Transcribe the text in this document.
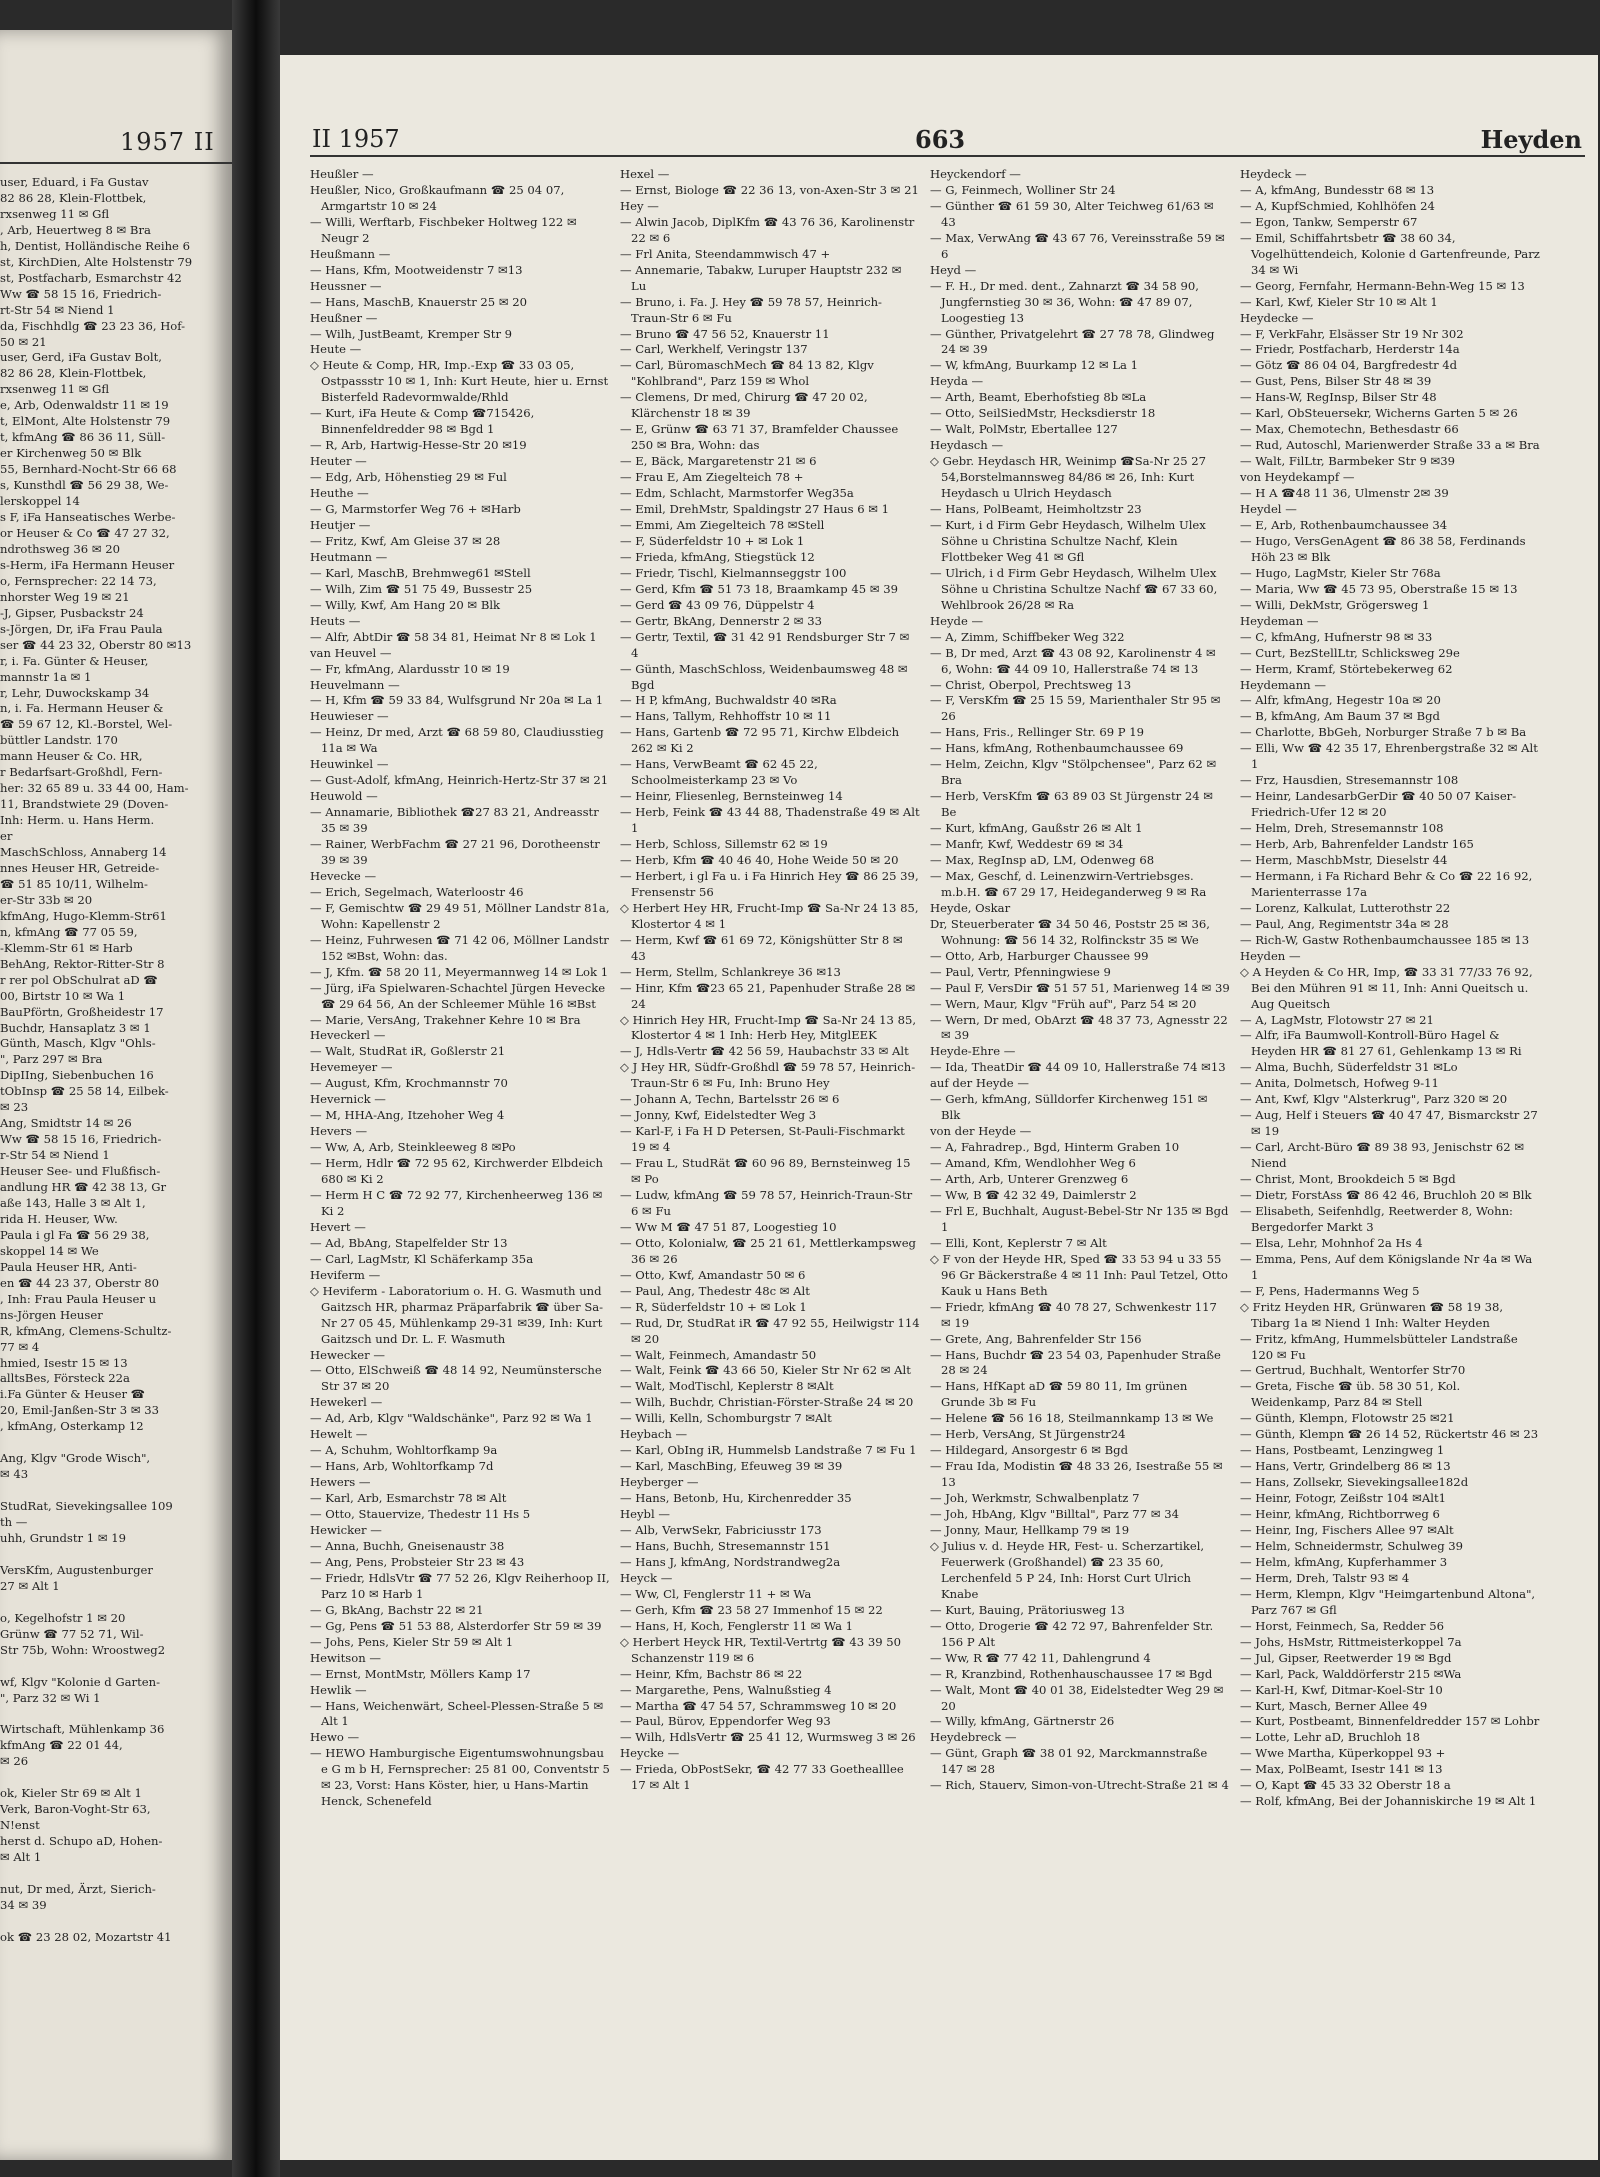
1957 II
user, Eduard, i Fa Gustav
82 86 28, Klein-Flottbek,
rxsenweg 11 ✉ Gfl
, Arb, Heuertweg 8 ✉ Bra
h, Dentist, Holländische Reihe 6
st, KirchDien, Alte Holstenstr 79
st, Postfacharb, Esmarchstr 42
Ww ☎ 58 15 16, Friedrich-
rt-Str 54 ✉ Niend 1
da, Fischhdlg ☎ 23 23 36, Hof-
50 ✉ 21
user, Gerd, iFa Gustav Bolt,
82 86 28, Klein-Flottbek,
rxsenweg 11 ✉ Gfl
e, Arb, Odenwaldstr 11 ✉ 19
t, ElMont, Alte Holstenstr 79
t, kfmAng ☎ 86 36 11, Süll-
er Kirchenweg 50 ✉ Blk
55, Bernhard-Nocht-Str 66 68
s, Kunsthdl ☎ 56 29 38, We-
lerskoppel 14
s F, iFa Hanseatisches Werbe-
or Heuser & Co ☎ 47 27 32,
ndrothsweg 36 ✉ 20
s-Herm, iFa Hermann Heuser
o, Fernsprecher: 22 14 73,
nhorster Weg 19 ✉ 21
-J, Gipser, Pusbackstr 24
s-Jörgen, Dr, iFa Frau Paula
ser ☎ 44 23 32, Oberstr 80 ✉13
r, i. Fa. Günter & Heuser,
mannstr 1a ✉ 1
r, Lehr, Duwockskamp 34
n, i. Fa. Hermann Heuser &
☎ 59 67 12, Kl.-Borstel, Wel-
büttler Landstr. 170
mann Heuser & Co. HR,
r Bedarfsart-Großhdl, Fern-
her: 32 65 89 u. 33 44 00, Ham-
11, Brandstwiete 29 (Doven-
Inh: Herm. u. Hans Herm.
er
MaschSchloss, Annaberg 14
nnes Heuser HR, Getreide-
☎ 51 85 10/11, Wilhelm-
er-Str 33b ✉ 20
kfmAng, Hugo-Klemm-Str61
n, kfmAng ☎ 77 05 59,
-Klemm-Str 61 ✉ Harb
BehAng, Rektor-Ritter-Str 8
r rer pol ObSchulrat aD ☎
00, Birtstr 10 ✉ Wa 1
BauPförtn, Großheidestr 17
Buchdr, Hansaplatz 3 ✉ 1
Günth, Masch, Klgv "Ohls-
", Parz 297 ✉ Bra
DipIIng, Siebenbuchen 16
tObInsp ☎ 25 58 14, Eilbek-
✉ 23
Ang, Smidtstr 14 ✉ 26
Ww ☎ 58 15 16, Friedrich-
r-Str 54 ✉ Niend 1
Heuser See- und Flußfisch-
andlung HR ☎ 42 38 13, Gr
aße 143, Halle 3 ✉ Alt 1,
rida H. Heuser, Ww.
Paula i gl Fa ☎ 56 29 38,
skoppel 14 ✉ We
Paula Heuser HR, Anti-
en ☎ 44 23 37, Oberstr 80
, Inh: Frau Paula Heuser u
ns-Jörgen Heuser
R, kfmAng, Clemens-Schultz-
77 ✉ 4
hmied, Isestr 15 ✉ 13
alltsBes, Försteck 22a
i.Fa Günter & Heuser ☎
20, Emil-Janßen-Str 3 ✉ 33
, kfmAng, Osterkamp 12

Ang, Klgv "Grode Wisch",
✉ 43

StudRat, Sievekingsallee 109
th —
uhh, Grundstr 1 ✉ 19

VersKfm, Augustenburger
27 ✉ Alt 1

o, Kegelhofstr 1 ✉ 20
Grünw ☎ 77 52 71, Wil-
Str 75b, Wohn: Wroostweg2

wf, Klgv "Kolonie d Garten-
", Parz 32 ✉ Wi 1

Wirtschaft, Mühlenkamp 36
kfmAng ☎ 22 01 44,
✉ 26

ok, Kieler Str 69 ✉ Alt 1
Verk, Baron-Voght-Str 63,
N!enst
herst d. Schupo aD, Hohen-
✉ Alt 1

nut, Dr med, Ärzt, Sierich-
34 ✉ 39

ok ☎ 23 28 02, Mozartstr 41
II 1957	663	Heyden
Heußler —
Heußler, Nico, Großkaufmann ☎ 25 04 07, Armgartstr 10 ✉ 24
— Willi, Werftarb, Fischbeker Holtweg 122 ✉ Neugr 2
Heußmann —
— Hans, Kfm, Mootweidenstr 7 ✉13
Heussner —
— Hans, MaschB, Knauerstr 25 ✉ 20
Heußner —
— Wilh, JustBeamt, Kremper Str 9
Heute —
◇ Heute & Comp, HR, Imp.-Exp ☎ 33 03 05, Ostpassstr 10 ✉ 1, Inh: Kurt Heute, hier u. Ernst Bisterfeld Radevormwalde/Rhld
— Kurt, iFa Heute & Comp ☎715426, Binnenfeldredder 98 ✉ Bgd 1
— R, Arb, Hartwig-Hesse-Str 20 ✉19
Heuter —
— Edg, Arb, Höhenstieg 29 ✉ Ful
Heuthe —
— G, Marmstorfer Weg 76 + ✉Harb
Heutjer —
— Fritz, Kwf, Am Gleise 37 ✉ 28
Heutmann —
— Karl, MaschB, Brehmweg61 ✉Stell
— Wilh, Zim ☎ 51 75 49, Bussestr 25
— Willy, Kwf, Am Hang 20 ✉ Blk
Heuts —
— Alfr, AbtDir ☎ 58 34 81, Heimat Nr 8 ✉ Lok 1
van Heuvel —
— Fr, kfmAng, Alardusstr 10 ✉ 19
Heuvelmann —
— H, Kfm ☎ 59 33 84, Wulfsgrund Nr 20a ✉ La 1
Heuwieser —
— Heinz, Dr med, Arzt ☎ 68 59 80, Claudiusstieg 11a ✉ Wa
Heuwinkel —
— Gust-Adolf, kfmAng, Heinrich-Hertz-Str 37 ✉ 21
Heuwold —
— Annamarie, Bibliothek ☎27 83 21, Andreasstr 35 ✉ 39
— Rainer, WerbFachm ☎ 27 21 96, Dorotheenstr 39 ✉ 39
Hevecke —
— Erich, Segelmach, Waterloostr 46
— F, Gemischtw ☎ 29 49 51, Möllner Landstr 81a, Wohn: Kapellenstr 2
— Heinz, Fuhrwesen ☎ 71 42 06, Möllner Landstr 152 ✉Bst, Wohn: das.
— J, Kfm. ☎ 58 20 11, Meyermannweg 14 ✉ Lok 1
— Jürg, iFa Spielwaren-Schachtel Jürgen Hevecke ☎ 29 64 56, An der Schleemer Mühle 16 ✉Bst
— Marie, VersAng, Trakehner Kehre 10 ✉ Bra
Heveckerl —
— Walt, StudRat iR, Goßlerstr 21
Hevemeyer —
— August, Kfm, Krochmannstr 70
Hevernick —
— M, HHA-Ang, Itzehoher Weg 4
Hevers —
— Ww, A, Arb, Steinkleeweg 8 ✉Po
— Herm, Hdlr ☎ 72 95 62, Kirchwerder Elbdeich 680 ✉ Ki 2
— Herm H C ☎ 72 92 77, Kirchenheerweg 136 ✉ Ki 2
Hevert —
— Ad, BbAng, Stapelfelder Str 13
— Carl, LagMstr, Kl Schäferkamp 35a
Heviferm —
◇ Heviferm - Laboratorium o. H. G. Wasmuth und Gaitzsch HR, pharmaz Präparfabrik ☎ über Sa-Nr 27 05 45, Mühlenkamp 29-31 ✉39, Inh: Kurt Gaitzsch und Dr. L. F. Wasmuth
Hewecker —
— Otto, ElSchweiß ☎ 48 14 92, Neumünstersche Str 37 ✉ 20
Hewekerl —
— Ad, Arb, Klgv "Waldschänke", Parz 92 ✉ Wa 1
Hewelt —
— A, Schuhm, Wohltorfkamp 9a
— Hans, Arb, Wohltorfkamp 7d
Hewers —
— Karl, Arb, Esmarchstr 78 ✉ Alt
— Otto, Stauervize, Thedestr 11 Hs 5
Hewicker —
— Anna, Buchh, Gneisenaustr 38
— Ang, Pens, Probsteier Str 23 ✉ 43
— Friedr, HdlsVtr ☎ 77 52 26, Klgv Reiherhoop II, Parz 10 ✉ Harb 1
— G, BkAng, Bachstr 22 ✉ 21
— Gg, Pens ☎ 51 53 88, Alsterdorfer Str 59 ✉ 39
— Johs, Pens, Kieler Str 59 ✉ Alt 1
Hewitson —
— Ernst, MontMstr, Möllers Kamp 17
Hewlik —
— Hans, Weichenwärt, Scheel-Plessen-Straße 5 ✉ Alt 1
Hewo —
— HEWO Hamburgische Eigentumswohnungsbau e G m b H, Fernsprecher: 25 81 00, Conventstr 5 ✉ 23, Vorst: Hans Köster, hier, u Hans-Martin Henck, Schenefeld
Hexel —
— Ernst, Biologe ☎ 22 36 13, von-Axen-Str 3 ✉ 21
Hey —
— Alwin Jacob, DiplKfm ☎ 43 76 36, Karolinenstr 22 ✉ 6
— Frl Anita, Steendammwisch 47 +
— Annemarie, Tabakw, Luruper Hauptstr 232 ✉ Lu
— Bruno, i. Fa. J. Hey ☎ 59 78 57, Heinrich-Traun-Str 6 ✉ Fu
— Bruno ☎ 47 56 52, Knauerstr 11
— Carl, Werkhelf, Veringstr 137
— Carl, BüromaschMech ☎ 84 13 82, Klgv "Kohlbrand", Parz 159 ✉ Whol
— Clemens, Dr med, Chirurg ☎ 47 20 02, Klärchenstr 18 ✉ 39
— E, Grünw ☎ 63 71 37, Bramfelder Chaussee 250 ✉ Bra, Wohn: das
— E, Bäck, Margaretenstr 21 ✉ 6
— Frau E, Am Ziegelteich 78 +
— Edm, Schlacht, Marmstorfer Weg35a
— Emil, DrehMstr, Spaldingstr 27 Haus 6 ✉ 1
— Emmi, Am Ziegelteich 78 ✉Stell
— F, Süderfeldstr 10 + ✉ Lok 1
— Frieda, kfmAng, Stiegstück 12
— Friedr, Tischl, Kielmannseggstr 100
— Gerd, Kfm ☎ 51 73 18, Braamkamp 45 ✉ 39
— Gerd ☎ 43 09 76, Düppelstr 4
— Gertr, BkAng, Dennerstr 2 ✉ 33
— Gertr, Textil, ☎ 31 42 91 Rendsburger Str 7 ✉ 4
— Günth, MaschSchloss, Weidenbaumsweg 48 ✉ Bgd
— H P, kfmAng, Buchwaldstr 40 ✉Ra
— Hans, Tallym, Rehhoffstr 10 ✉ 11
— Hans, Gartenb ☎ 72 95 71, Kirchw Elbdeich 262 ✉ Ki 2
— Hans, VerwBeamt ☎ 62 45 22, Schoolmeisterkamp 23 ✉ Vo
— Heinr, Fliesenleg, Bernsteinweg 14
— Herb, Feink ☎ 43 44 88, Thadenstraße 49 ✉ Alt 1
— Herb, Schloss, Sillemstr 62 ✉ 19
— Herb, Kfm ☎ 40 46 40, Hohe Weide 50 ✉ 20
— Herbert, i gl Fa u. i Fa Hinrich Hey ☎ 86 25 39, Frensenstr 56
◇ Herbert Hey HR, Frucht-Imp ☎ Sa-Nr 24 13 85, Klostertor 4 ✉ 1
— Herm, Kwf ☎ 61 69 72, Königshütter Str 8 ✉ 43
— Herm, Stellm, Schlankreye 36 ✉13
— Hinr, Kfm ☎23 65 21, Papenhuder Straße 28 ✉ 24
◇ Hinrich Hey HR, Frucht-Imp ☎ Sa-Nr 24 13 85, Klostertor 4 ✉ 1 Inh: Herb Hey, MitglEEK
— J, Hdls-Vertr ☎ 42 56 59, Haubachstr 33 ✉ Alt
◇ J Hey HR, Südfr-Großhdl ☎ 59 78 57, Heinrich-Traun-Str 6 ✉ Fu, Inh: Bruno Hey
— Johann A, Techn, Bartelsstr 26 ✉ 6
— Jonny, Kwf, Eidelstedter Weg 3
— Karl-F, i Fa H D Petersen, St-Pauli-Fischmarkt 19 ✉ 4
— Frau L, StudRät ☎ 60 96 89, Bernsteinweg 15 ✉ Po
— Ludw, kfmAng ☎ 59 78 57, Heinrich-Traun-Str 6 ✉ Fu
— Ww M ☎ 47 51 87, Loogestieg 10
— Otto, Kolonialw, ☎ 25 21 61, Mettlerkampsweg 36 ✉ 26
— Otto, Kwf, Amandastr 50 ✉ 6
— Paul, Ang, Thedestr 48c ✉ Alt
— R, Süderfeldstr 10 + ✉ Lok 1
— Rud, Dr, StudRat iR ☎ 47 92 55, Heilwigstr 114 ✉ 20
— Walt, Feinmech, Amandastr 50
— Walt, Feink ☎ 43 66 50, Kieler Str Nr 62 ✉ Alt
— Walt, ModTischl, Keplerstr 8 ✉Alt
— Wilh, Buchdr, Christian-Förster-Straße 24 ✉ 20
— Willi, Kelln, Schomburgstr 7 ✉Alt
Heybach —
— Karl, ObIng iR, Hummelsb Landstraße 7 ✉ Fu 1
— Karl, MaschBing, Efeuweg 39 ✉ 39
Heyberger —
— Hans, Betonb, Hu, Kirchenredder 35
Heybl —
— Alb, VerwSekr, Fabriciusstr 173
— Hans, Buchh, Stresemannstr 151
— Hans J, kfmAng, Nordstrandweg2a
Heyck —
— Ww, Cl, Fenglerstr 11 + ✉ Wa
— Gerh, Kfm ☎ 23 58 27 Immenhof 15 ✉ 22
— Hans, H, Koch, Fenglerstr 11 ✉ Wa 1
◇ Herbert Heyck HR, Textil-Vertrtg ☎ 43 39 50 Schanzenstr 119 ✉ 6
— Heinr, Kfm, Bachstr 86 ✉ 22
— Margarethe, Pens, Walnußstieg 4
— Martha ☎ 47 54 57, Schrammsweg 10 ✉ 20
— Paul, Bürov, Eppendorfer Weg 93
— Wilh, HdlsVertr ☎ 25 41 12, Wurmsweg 3 ✉ 26
Heycke —
— Frieda, ObPostSekr, ☎ 42 77 33 Goethealllee 17 ✉ Alt 1
Heyckendorf —
— G, Feinmech, Wolliner Str 24
— Günther ☎ 61 59 30, Alter Teichweg 61/63 ✉ 43
— Max, VerwAng ☎ 43 67 76, Vereinsstraße 59 ✉ 6
Heyd —
— F. H., Dr med. dent., Zahnarzt ☎ 34 58 90, Jungfernstieg 30 ✉ 36, Wohn: ☎ 47 89 07, Loogestieg 13
— Günther, Privatgelehrt ☎ 27 78 78, Glindweg 24 ✉ 39
— W, kfmAng, Buurkamp 12 ✉ La 1
Heyda —
— Arth, Beamt, Eberhofstieg 8b ✉La
— Otto, SeilSiedMstr, Hecksdierstr 18
— Walt, PolMstr, Ebertallee 127
Heydasch —
◇ Gebr. Heydasch HR, Weinimp ☎Sa-Nr 25 27 54,Borstelmannsweg 84/86 ✉ 26, Inh: Kurt Heydasch u Ulrich Heydasch
— Hans, PolBeamt, Heimholtzstr 23
— Kurt, i d Firm Gebr Heydasch, Wilhelm Ulex Söhne u Christina Schultze Nachf, Klein Flottbeker Weg 41 ✉ Gfl
— Ulrich, i d Firm Gebr Heydasch, Wilhelm Ulex Söhne u Christina Schultze Nachf ☎ 67 33 60, Wehlbrook 26/28 ✉ Ra
Heyde —
— A, Zimm, Schiffbeker Weg 322
— B, Dr med, Arzt ☎ 43 08 92, Karolinenstr 4 ✉ 6, Wohn: ☎ 44 09 10, Hallerstraße 74 ✉ 13
— Christ, Oberpol, Prechtsweg 13
— F, VersKfm ☎ 25 15 59, Marienthaler Str 95 ✉ 26
— Hans, Fris., Rellinger Str. 69 P 19
— Hans, kfmAng, Rothenbaumchaussee 69
— Helm, Zeichn, Klgv "Stölpchensee", Parz 62 ✉ Bra
— Herb, VersKfm ☎ 63 89 03 St Jürgenstr 24 ✉ Be
— Kurt, kfmAng, Gaußstr 26 ✉ Alt 1
— Manfr, Kwf, Weddestr 69 ✉ 34
— Max, RegInsp aD, LM, Odenweg 68
— Max, Geschf, d. Leinenzwirn-Vertriebsges. m.b.H. ☎ 67 29 17, Heideganderweg 9 ✉ Ra
Heyde, Oskar
Dr, Steuerberater ☎ 34 50 46, Poststr 25 ✉ 36, Wohnung: ☎ 56 14 32, Rolfinckstr 35 ✉ We
— Otto, Arb, Harburger Chaussee 99
— Paul, Vertr, Pfenningwiese 9
— Paul F, VersDir ☎ 51 57 51, Marienweg 14 ✉ 39
— Wern, Maur, Klgv "Früh auf", Parz 54 ✉ 20
— Wern, Dr med, ObArzt ☎ 48 37 73, Agnesstr 22 ✉ 39
Heyde-Ehre —
— Ida, TheatDir ☎ 44 09 10, Hallerstraße 74 ✉13
auf der Heyde —
— Gerh, kfmAng, Sülldorfer Kirchenweg 151 ✉ Blk
von der Heyde —
— A, Fahradrep., Bgd, Hinterm Graben 10
— Amand, Kfm, Wendlohher Weg 6
— Arth, Arb, Unterer Grenzweg 6
— Ww, B ☎ 42 32 49, Daimlerstr 2
— Frl E, Buchhalt, August-Bebel-Str Nr 135 ✉ Bgd 1
— Elli, Kont, Keplerstr 7 ✉ Alt
◇ F von der Heyde HR, Sped ☎ 33 53 94 u 33 55 96 Gr Bäckerstraße 4 ✉ 11 Inh: Paul Tetzel, Otto Kauk u Hans Beth
— Friedr, kfmAng ☎ 40 78 27, Schwenkestr 117 ✉ 19
— Grete, Ang, Bahrenfelder Str 156
— Hans, Buchdr ☎ 23 54 03, Papenhuder Straße 28 ✉ 24
— Hans, HfKapt aD ☎ 59 80 11, Im grünen Grunde 3b ✉ Fu
— Helene ☎ 56 16 18, Steilmannkamp 13 ✉ We
— Herb, VersAng, St Jürgenstr24
— Hildegard, Ansorgestr 6 ✉ Bgd
— Frau Ida, Modistin ☎ 48 33 26, Isestraße 55 ✉ 13
— Joh, Werkmstr, Schwalbenplatz 7
— Joh, HbAng, Klgv "Billtal", Parz 77 ✉ 34
— Jonny, Maur, Hellkamp 79 ✉ 19
◇ Julius v. d. Heyde HR, Fest- u. Scherzartikel, Feuerwerk (Großhandel) ☎ 23 35 60, Lerchenfeld 5 P 24, Inh: Horst Curt Ulrich Knabe
— Kurt, Bauing, Prätoriusweg 13
— Otto, Drogerie ☎ 42 72 97, Bahrenfelder Str. 156 P Alt
— Ww, R ☎ 77 42 11, Dahlengrund 4
— R, Kranzbind, Rothenhauschaussee 17 ✉ Bgd
— Walt, Mont ☎ 40 01 38, Eidelstedter Weg 29 ✉ 20
— Willy, kfmAng, Gärtnerstr 26
Heydebreck —
— Günt, Graph ☎ 38 01 92, Marckmannstraße 147 ✉ 28
— Rich, Stauerv, Simon-von-Utrecht-Straße 21 ✉ 4
Heydeck —
— A, kfmAng, Bundesstr 68 ✉ 13
— A, KupfSchmied, Kohlhöfen 24
— Egon, Tankw, Semperstr 67
— Emil, Schiffahrtsbetr ☎ 38 60 34, Vogelhüttendeich, Kolonie d Gartenfreunde, Parz 34 ✉ Wi
— Georg, Fernfahr, Hermann-Behn-Weg 15 ✉ 13
— Karl, Kwf, Kieler Str 10 ✉ Alt 1
Heydecke —
— F, VerkFahr, Elsässer Str 19 Nr 302
— Friedr, Postfacharb, Herderstr 14a
— Götz ☎ 86 04 04, Bargfredestr 4d
— Gust, Pens, Bilser Str 48 ✉ 39
— Hans-W, RegInsp, Bilser Str 48
— Karl, ObSteuersekr, Wicherns Garten 5 ✉ 26
— Max, Chemotechn, Bethesdastr 66
— Rud, Autoschl, Marienwerder Straße 33 a ✉ Bra
— Walt, FilLtr, Barmbeker Str 9 ✉39
von Heydekampf —
— H A ☎48 11 36, Ulmenstr 2✉ 39
Heydel —
— E, Arb, Rothenbaumchaussee 34
— Hugo, VersGenAgent ☎ 86 38 58, Ferdinands Höh 23 ✉ Blk
— Hugo, LagMstr, Kieler Str 768a
— Maria, Ww ☎ 45 73 95, Oberstraße 15 ✉ 13
— Willi, DekMstr, Grögersweg 1
Heydeman —
— C, kfmAng, Hufnerstr 98 ✉ 33
— Curt, BezStellLtr, Schlicksweg 29e
— Herm, Kramf, Störtebekerweg 62
Heydemann —
— Alfr, kfmAng, Hegestr 10a ✉ 20
— B, kfmAng, Am Baum 37 ✉ Bgd
— Charlotte, BbGeh, Norburger Straße 7 b ✉ Ba
— Elli, Ww ☎ 42 35 17, Ehrenbergstraße 32 ✉ Alt 1
— Frz, Hausdien, Stresemannstr 108
— Heinr, LandesarbGerDir ☎ 40 50 07 Kaiser-Friedrich-Ufer 12 ✉ 20
— Helm, Dreh, Stresemannstr 108
— Herb, Arb, Bahrenfelder Landstr 165
— Herm, MaschbMstr, Dieselstr 44
— Hermann, i Fa Richard Behr & Co ☎ 22 16 92, Marienterrasse 17a
— Lorenz, Kalkulat, Lutterothstr 22
— Paul, Ang, Regimentstr 34a ✉ 28
— Rich-W, Gastw Rothenbaumchaussee 185 ✉ 13
Heyden —
◇ A Heyden & Co HR, Imp, ☎ 33 31 77/33 76 92, Bei den Mühren 91 ✉ 11, Inh: Anni Queitsch u. Aug Queitsch
— A, LagMstr, Flotowstr 27 ✉ 21
— Alfr, iFa Baumwoll-Kontroll-Büro Hagel & Heyden HR ☎ 81 27 61, Gehlenkamp 13 ✉ Ri
— Alma, Buchh, Süderfeldstr 31 ✉Lo
— Anita, Dolmetsch, Hofweg 9-11
— Ant, Kwf, Klgv "Alsterkrug", Parz 320 ✉ 20
— Aug, Helf i Steuers ☎ 40 47 47, Bismarckstr 27 ✉ 19
— Carl, Archt-Büro ☎ 89 38 93, Jenischstr 62 ✉ Niend
— Christ, Mont, Brookdeich 5 ✉ Bgd
— Dietr, ForstAss ☎ 86 42 46, Bruchloh 20 ✉ Blk
— Elisabeth, Seifenhdlg, Reetwerder 8, Wohn: Bergedorfer Markt 3
— Elsa, Lehr, Mohnhof 2a Hs 4
— Emma, Pens, Auf dem Königslande Nr 4a ✉ Wa 1
— F, Pens, Hadermanns Weg 5
◇ Fritz Heyden HR, Grünwaren ☎ 58 19 38, Tibarg 1a ✉ Niend 1 Inh: Walter Heyden
— Fritz, kfmAng, Hummelsbütteler Landstraße 120 ✉ Fu
— Gertrud, Buchhalt, Wentorfer Str70
— Greta, Fische ☎ üb. 58 30 51, Kol. Weidenkamp, Parz 84 ✉ Stell
— Günth, Klempn, Flotowstr 25 ✉21
— Günth, Klempn ☎ 26 14 52, Rückertstr 46 ✉ 23
— Hans, Postbeamt, Lenzingweg 1
— Hans, Vertr, Grindelberg 86 ✉ 13
— Hans, Zollsekr, Sievekingsallee182d
— Heinr, Fotogr, Zeißstr 104 ✉Alt1
— Heinr, kfmAng, Richtborrweg 6
— Heinr, Ing, Fischers Allee 97 ✉Alt
— Helm, Schneidermstr, Schulweg 39
— Helm, kfmAng, Kupferhammer 3
— Herm, Dreh, Talstr 93 ✉ 4
— Herm, Klempn, Klgv "Heimgartenbund Altona", Parz 767 ✉ Gfl
— Horst, Feinmech, Sa, Redder 56
— Johs, HsMstr, Rittmeisterkoppel 7a
— Jul, Gipser, Reetwerder 19 ✉ Bgd
— Karl, Pack, Walddörferstr 215 ✉Wa
— Karl-H, Kwf, Ditmar-Koel-Str 10
— Kurt, Masch, Berner Allee 49
— Kurt, Postbeamt, Binnenfeldredder 157 ✉ Lohbr
— Lotte, Lehr aD, Bruchloh 18
— Wwe Martha, Küperkoppel 93 +
— Max, PolBeamt, Isestr 141 ✉ 13
— O, Kapt ☎ 45 33 32 Oberstr 18 a
— Rolf, kfmAng, Bei der Johanniskirche 19 ✉ Alt 1
